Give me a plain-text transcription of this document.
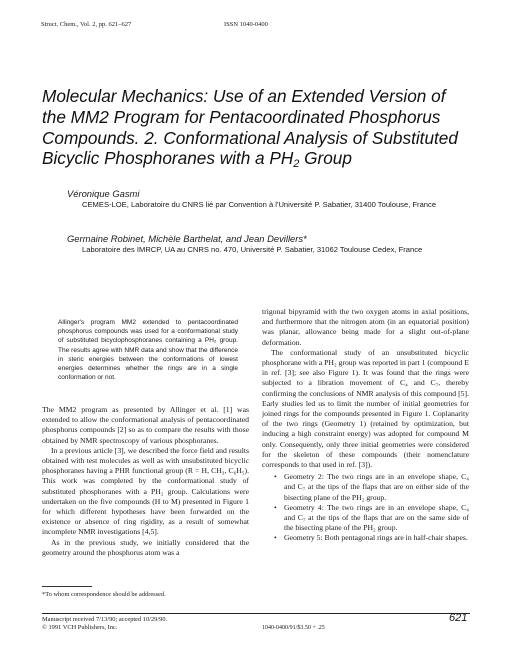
Struct. Chem., Vol. 2, pp. 621–627	ISSN 1040-0400
Molecular Mechanics: Use of an Extended Version of the MM2 Program for Pentacoordinated Phosphorus Compounds. 2. Conformational Analysis of Substituted Bicyclic Phosphoranes with a $PH_2$ Group
Véronique Gasmi
CEMES-LOE, Laboratoire du CNRS lié par Convention à l'Université P. Sabatier, 31400 Toulouse, France
Germaine Robinet, Michèle Barthelat, and Jean Devillers*
Laboratoire des IMRCP, UA au CNRS no. 470, Université P. Sabatier, 31062 Toulouse Cedex, France
Allinger's program MM2 extended to pentacoordinated phosphorus compounds was used for a conformational study of substituted bicyclophosphoranes containing a PH₂ group. The results agree with NMR data and show that the difference in steric energies between the conformations of lowest energies determines whether the rings are in a single conformation or not.

The MM2 program as presented by Allinger et al. [1] was extended to allow the conformational analysis of pentacoordinated phosphorus compounds [2] so as to compare the results with those obtained by NMR spectroscopy of various phosphoranes.

In a previous article [3], we described the force field and results obtained with test molecules as well as with unsubstituted bicyclic phosphoranes having a PHR functional group (R = H, CH₃, C₆H₅). This work was completed by the conformational study of substituted phosphoranes with a PH₂ group. Calculations were undertaken on the five compounds (H to M) presented in Figure 1 for which different hypotheses have been forwarded on the existence or absence of ring rigidity, as a result of somewhat incomplete NMR investigations [4,5].

As in the previous study, we initially considered that the geometry around the phosphorus atom was a

trigonal bipyramid with the two oxygen atoms in axial positions, and furthermore that the nitrogen atom (in an equatorial position) was planar, allowance being made for a slight out-of-plane deformation.

The conformational study of an unsubstituted bicyclic phosphorane with a PH₂ group was reported in part 1 (compound E in ref. [3]; see also Figure 1). It was found that the rings were subjected to a libration movement of C₄ and C₇, thereby confirming the conclusions of NMR analysis of this compound [5]. Early studies led us to limit the number of initial geometries for joined rings for the compounds presented in Figure 1. Coplanarity of the two rings (Geometry 1) (retained by optimization, but inducing a high constraint energy) was adopted for compound M only. Consequently, only three initial geometries were considered for the skeleton of these compounds (their nomenclature corresponds to that used in ref. [3]).

• Geometry 2: The two rings are in an envelope shape, C₄ and C₇ at the tips of the flaps that are on either side of the bisecting plane of the PH₂ group.
• Geometry 4: The two rings are in an envelope shape, C₄ and C₇ at the tips of the flaps that are on the same side of the bisecting plane of the PH₂ group.
• Geometry 5: Both pentagonal rings are in half-chair shapes.
*To whom correspondence should be addressed.
Manuscript received 7/13/90; accepted 10/29/90.
© 1991 VCH Publishers, Inc.	1040-0400/91/$3.50 + .25
621
